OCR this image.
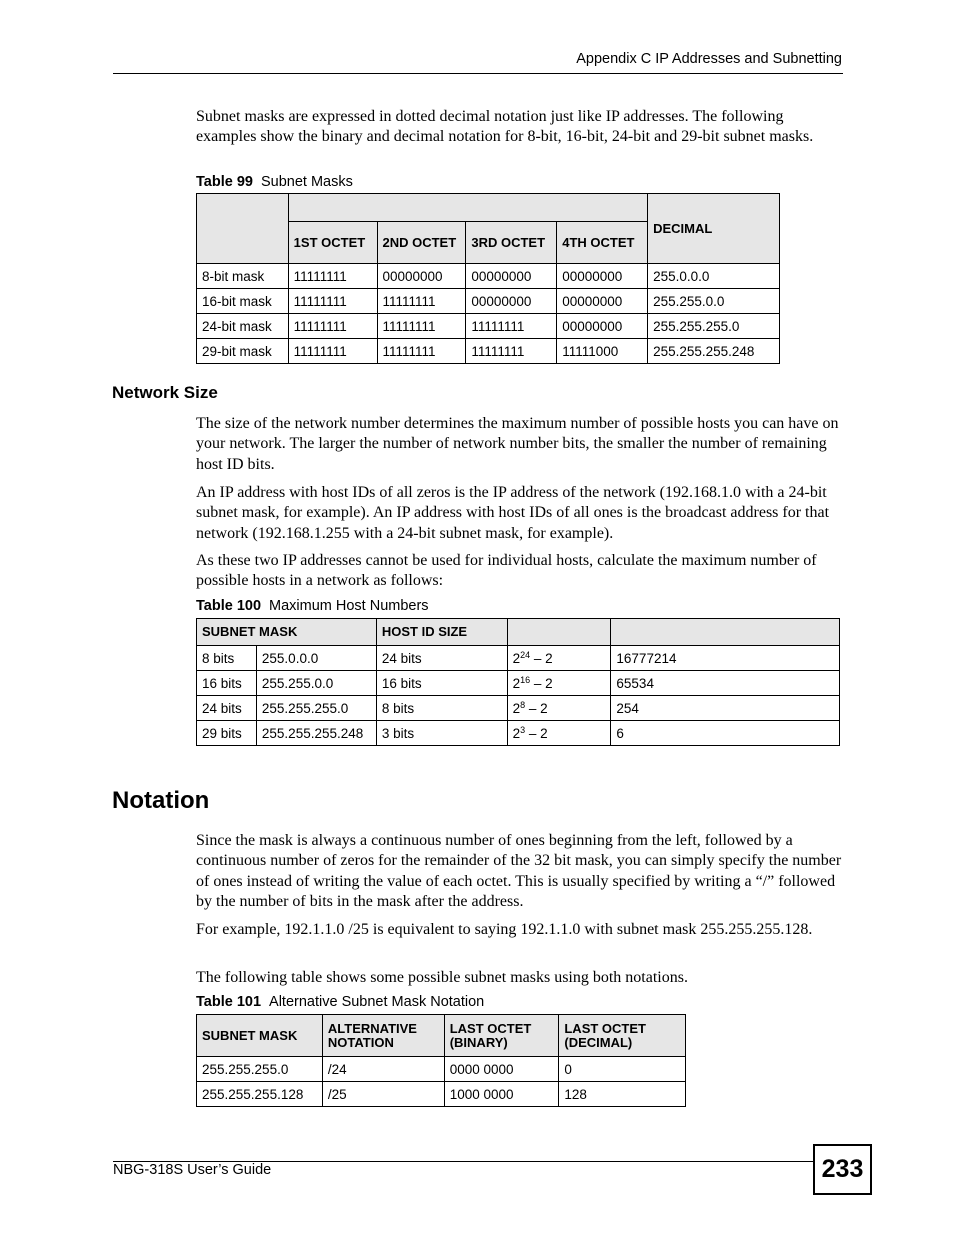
Appendix C IP Addresses and Subnetting
Subnet masks are expressed in dotted decimal notation just like IP addresses. The following examples show the binary and decimal notation for 8-bit, 16-bit, 24-bit and 29-bit subnet masks.
Table 99 Subnet Masks
					DECIMAL
	1ST OCTET	2ND OCTET	3RD OCTET	4TH OCTET	
8-bit mask	11111111	00000000	00000000	00000000	255.0.0.0
16-bit mask	11111111	11111111	00000000	00000000	255.255.0.0
24-bit mask	11111111	11111111	11111111	00000000	255.255.255.0
29-bit mask	11111111	11111111	11111111	11111000	255.255.255.248
Network Size
The size of the network number determines the maximum number of possible hosts you can have on your network. The larger the number of network number bits, the smaller the number of remaining host ID bits.
An IP address with host IDs of all zeros is the IP address of the network (192.168.1.0 with a 24-bit subnet mask, for example). An IP address with host IDs of all ones is the broadcast address for that network (192.168.1.255 with a 24-bit subnet mask, for example).
As these two IP addresses cannot be used for individual hosts, calculate the maximum number of possible hosts in a network as follows:
Table 100 Maximum Host Numbers
SUBNET MASK		HOST ID SIZE		
8 bits	255.0.0.0	24 bits	$2^{24} - 2$	16777214
16 bits	255.255.0.0	16 bits	$2^{16} - 2$	65534
24 bits	255.255.255.0	8 bits	$2^8 - 2$	254
29 bits	255.255.255.248	3 bits	$2^3 - 2$	6
Notation
Since the mask is always a continuous number of ones beginning from the left, followed by a continuous number of zeros for the remainder of the 32 bit mask, you can simply specify the number of ones instead of writing the value of each octet. This is usually specified by writing a “/” followed by the number of bits in the mask after the address.
For example, 192.1.1.0 /25 is equivalent to saying 192.1.1.0 with subnet mask 255.255.255.128.
The following table shows some possible subnet masks using both notations.
Table 101 Alternative Subnet Mask Notation
SUBNET MASK	ALTERNATIVE NOTATION	LAST OCTET (BINARY)	LAST OCTET (DECIMAL)
255.255.255.0	/24	0000 0000	0
255.255.255.128	/25	1000 0000	128
NBG-318S User’s Guide	233
